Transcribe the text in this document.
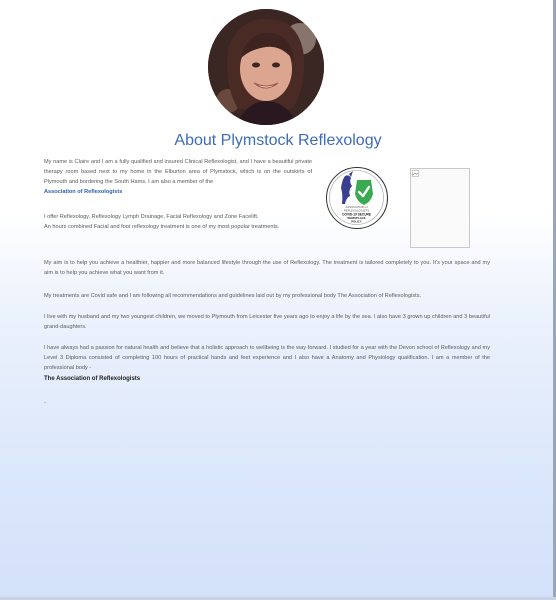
About Plymstock Reflexology

My name is Claire and I am a fully qualified and insured Clinical Reflexologist, and I have a beautiful private therapy room based next to my home in the Elburton area of Plymstock, which is on the outskirts of Plymouth and bordering the South Hams. I am also a member of the
Association of Reflexologists

I offer Reflexology, Reflexology Lymph Drainage, Facial Reflexology and Zone Facelift.
An hours combined Facial and foot reflexology treatment is one of my most popular treatments.

ASSOCIATION of
REFLEXOLOGISTS
COVID-19 SECURE
WORKPLACE
POLICY

My aim is to help you achieve a healthier, happier and more balanced lifestyle through the use of Reflexology. The treatment is tailored completely to you. It's your space and my aim is to help you achieve what you want from it.

My treatments are Covid safe and I am following all recommendations and guidelines laid out by my professional body The Association of Reflexologists.

I live with my husband and my two youngest children, we moved to Plymouth from Leicester five years ago to enjoy a life by the sea. I also have 3 grown up children and 3 beautiful grand-daughters.

I have always had a passion for natural health and believe that a holistic approach to wellbeing is the way forward. I studied for a year with the Devon school of Reflexology and my Level 3 Diploma consisted of completing 100 hours of practical hands and feet experience and I also have a Anatomy and Physiology qualification. I am a member of the professional body -

The Association of Reflexologists
.
